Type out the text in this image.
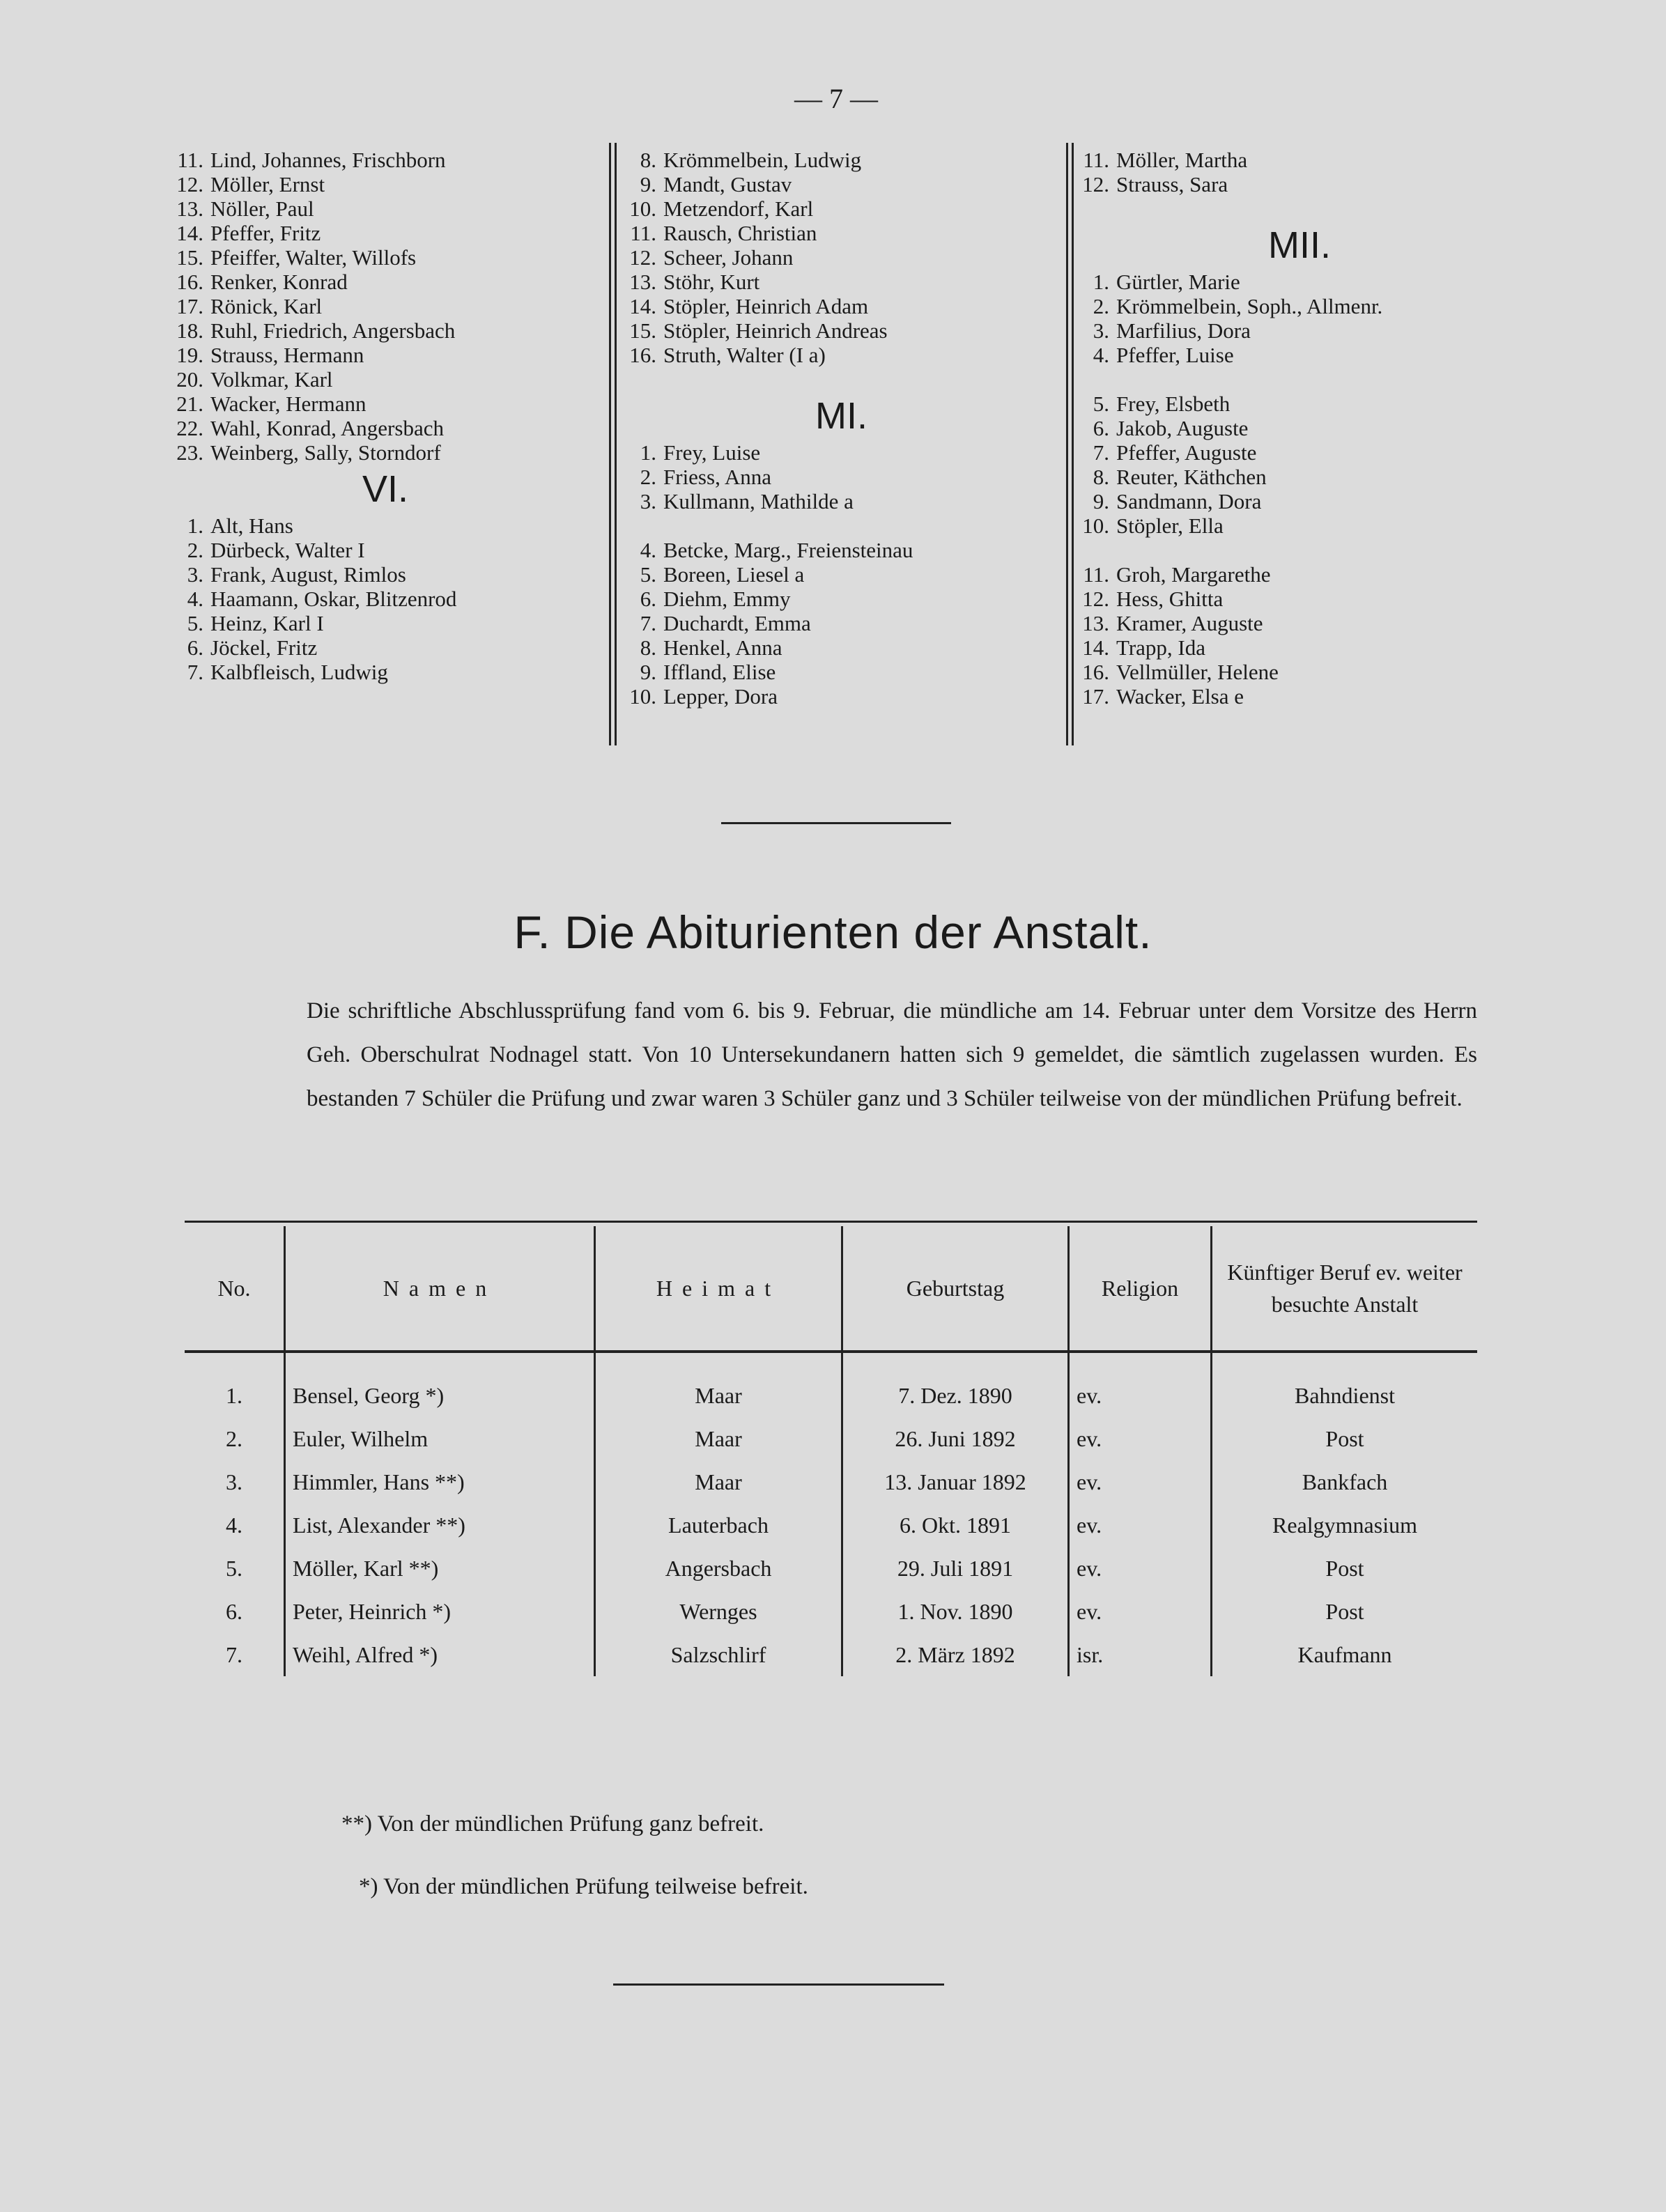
— 7 —
11. Lind, Johannes, Frischborn
12. Möller, Ernst
13. Nöller, Paul
14. Pfeffer, Fritz
15. Pfeiffer, Walter, Willofs
16. Renker, Konrad
17. Rönick, Karl
18. Ruhl, Friedrich, Angersbach
19. Strauss, Hermann
20. Volkmar, Karl
21. Wacker, Hermann
22. Wahl, Konrad, Angersbach
23. Weinberg, Sally, Storndorf
VI.
1. Alt, Hans
2. Dürbeck, Walter I
3. Frank, August, Rimlos
4. Haamann, Oskar, Blitzenrod
5. Heinz, Karl I
6. Jöckel, Fritz
7. Kalbfleisch, Ludwig
8. Krömmelbein, Ludwig
9. Mandt, Gustav
10. Metzendorf, Karl
11. Rausch, Christian
12. Scheer, Johann
13. Stöhr, Kurt
14. Stöpler, Heinrich Adam
15. Stöpler, Heinrich Andreas
16. Struth, Walter (I a)
MI.
1. Frey, Luise
2. Friess, Anna
3. Kullmann, Mathilde a
4. Betcke, Marg., Freiensteinau
5. Boreen, Liesel a
6. Diehm, Emmy
7. Duchardt, Emma
8. Henkel, Anna
9. Iffland, Elise
10. Lepper, Dora
11. Möller, Martha
12. Strauss, Sara
MII.
1. Gürtler, Marie
2. Krömmelbein, Soph., Allmenr.
3. Marfilius, Dora
4. Pfeffer, Luise
5. Frey, Elsbeth
6. Jakob, Auguste
7. Pfeffer, Auguste
8. Reuter, Käthchen
9. Sandmann, Dora
10. Stöpler, Ella
11. Groh, Margarethe
12. Hess, Ghitta
13. Kramer, Auguste
14. Trapp, Ida
16. Vellmüller, Helene
17. Wacker, Elsa e
F. Die Abiturienten der Anstalt.
Die schriftliche Abschlussprüfung fand vom 6. bis 9. Februar, die mündliche am 14. Februar unter dem Vorsitze des Herrn Geh. Oberschulrat Nodnagel statt. Von 10 Untersekundanern hatten sich 9 gemeldet, die sämtlich zugelassen wurden. Es bestanden 7 Schüler die Prüfung und zwar waren 3 Schüler ganz und 3 Schüler teilweise von der mündlichen Prüfung befreit.
No.	Namen	Heimat	Geburtstag	Religion	Künftiger Beruf ev. weiter besuchte Anstalt
1.	Bensel, Georg *)	Maar	7. Dez. 1890	ev.	Bahndienst
2.	Euler, Wilhelm	Maar	26. Juni 1892	ev.	Post
3.	Himmler, Hans **)	Maar	13. Januar 1892	ev.	Bankfach
4.	List, Alexander **)	Lauterbach	6. Okt. 1891	ev.	Realgymnasium
5.	Möller, Karl **)	Angersbach	29. Juli 1891	ev.	Post
6.	Peter, Heinrich *)	Wernges	1. Nov. 1890	ev.	Post
7.	Weihl, Alfred *)	Salzschlirf	2. März 1892	isr.	Kaufmann
**) Von der mündlichen Prüfung ganz befreit.
*) Von der mündlichen Prüfung teilweise befreit.
